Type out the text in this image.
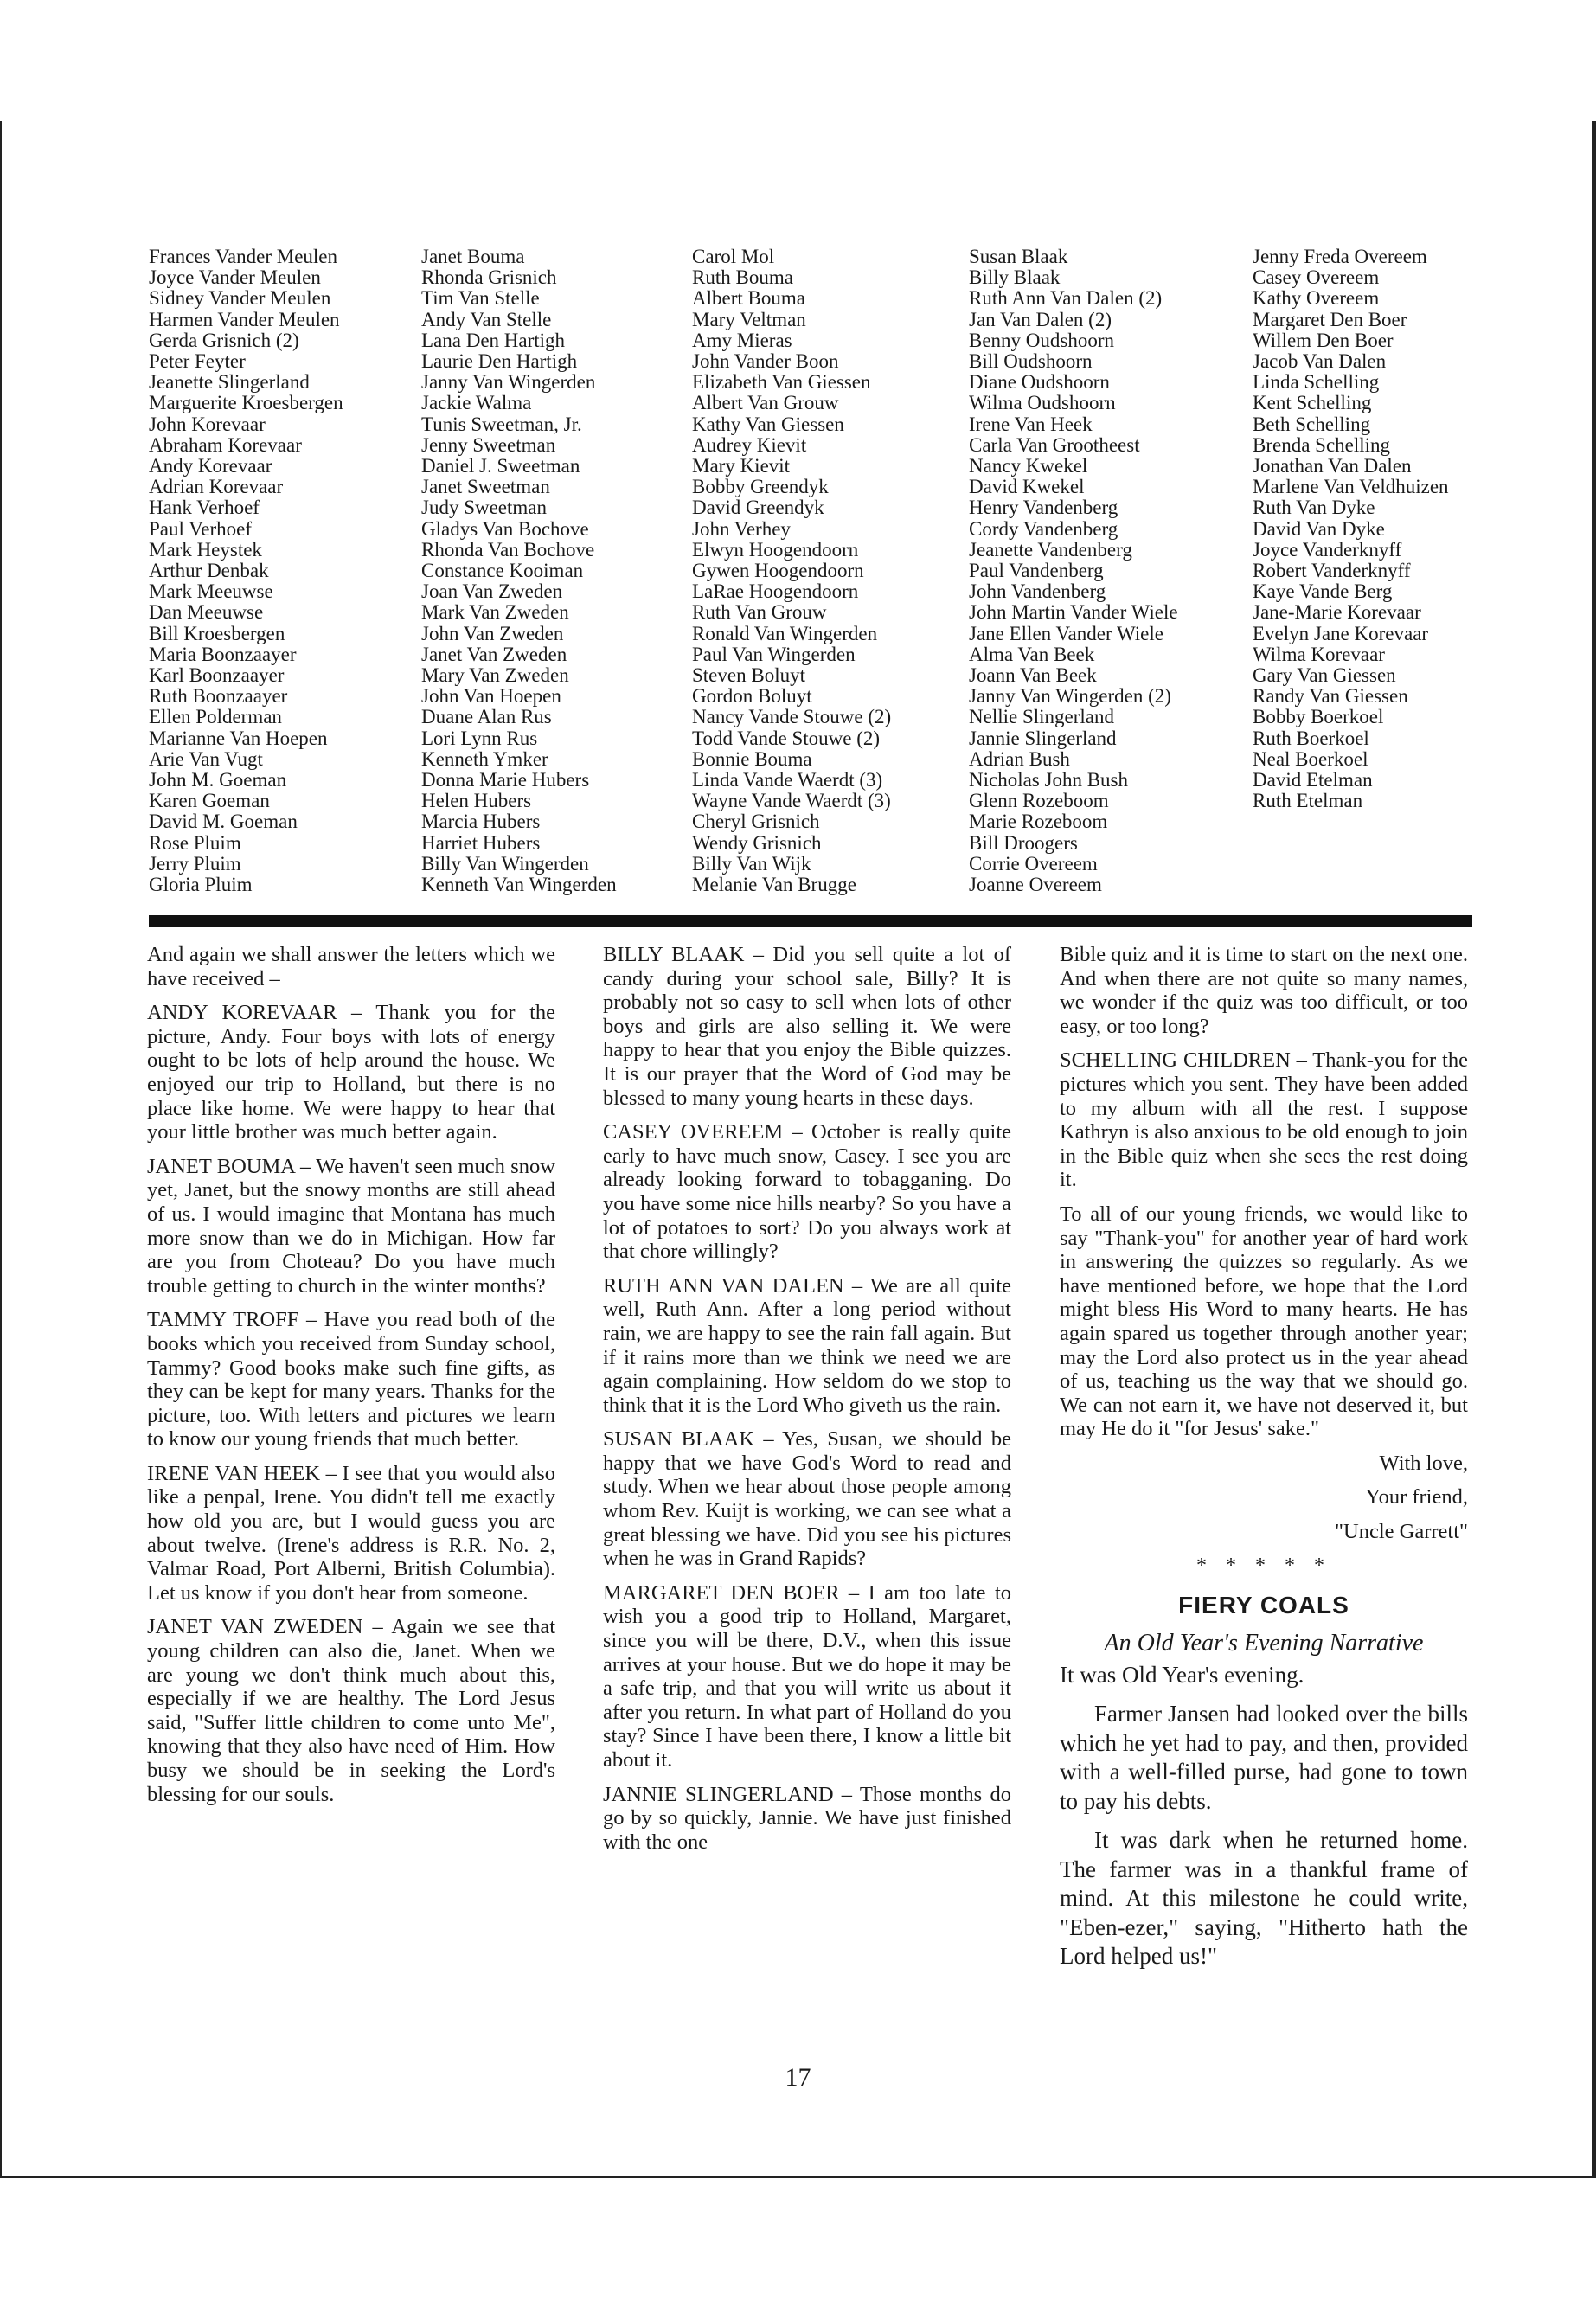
Frances Vander Meulen
Joyce Vander Meulen
Sidney Vander Meulen
Harmen Vander Meulen
Gerda Grisnich (2)
Peter Feyter
Jeanette Slingerland
Marguerite Kroesbergen
John Korevaar
Abraham Korevaar
Andy Korevaar
Adrian Korevaar
Hank Verhoef
Paul Verhoef
Mark Heystek
Arthur Denbak
Mark Meeuwse
Dan Meeuwse
Bill Kroesbergen
Maria Boonzaayer
Karl Boonzaayer
Ruth Boonzaayer
Ellen Polderman
Marianne Van Hoepen
Arie Van Vugt
John M. Goeman
Karen Goeman
David M. Goeman
Rose Pluim
Jerry Pluim
Gloria Pluim
Janet Bouma
Rhonda Grisnich
Tim Van Stelle
Andy Van Stelle
Lana Den Hartigh
Laurie Den Hartigh
Janny Van Wingerden
Jackie Walma
Tunis Sweetman, Jr.
Jenny Sweetman
Daniel J. Sweetman
Janet Sweetman
Judy Sweetman
Gladys Van Bochove
Rhonda Van Bochove
Constance Kooiman
Joan Van Zweden
Mark Van Zweden
John Van Zweden
Janet Van Zweden
Mary Van Zweden
John Van Hoepen
Duane Alan Rus
Lori Lynn Rus
Kenneth Ymker
Donna Marie Hubers
Helen Hubers
Marcia Hubers
Harriet Hubers
Billy Van Wingerden
Kenneth Van Wingerden
Carol Mol
Ruth Bouma
Albert Bouma
Mary Veltman
Amy Mieras
John Vander Boon
Elizabeth Van Giessen
Albert Van Grouw
Kathy Van Giessen
Audrey Kievit
Mary Kievit
Bobby Greendyk
David Greendyk
John Verhey
Elwyn Hoogendoorn
Gywen Hoogendoorn
LaRae Hoogendoorn
Ruth Van Grouw
Ronald Van Wingerden
Paul Van Wingerden
Steven Boluyt
Gordon Boluyt
Nancy Vande Stouwe (2)
Todd Vande Stouwe (2)
Bonnie Bouma
Linda Vande Waerdt (3)
Wayne Vande Waerdt (3)
Cheryl Grisnich
Wendy Grisnich
Billy Van Wijk
Melanie Van Brugge
Susan Blaak
Billy Blaak
Ruth Ann Van Dalen (2)
Jan Van Dalen (2)
Benny Oudshoorn
Bill Oudshoorn
Diane Oudshoorn
Wilma Oudshoorn
Irene Van Heek
Carla Van Grootheest
Nancy Kwekel
David Kwekel
Henry Vandenberg
Cordy Vandenberg
Jeanette Vandenberg
Paul Vandenberg
John Vandenberg
John Martin Vander Wiele
Jane Ellen Vander Wiele
Alma Van Beek
Joann Van Beek
Janny Van Wingerden (2)
Nellie Slingerland
Jannie Slingerland
Adrian Bush
Nicholas John Bush
Glenn Rozeboom
Marie Rozeboom
Bill Droogers
Corrie Overeem
Joanne Overeem
Jenny Freda Overeem
Casey Overeem
Kathy Overeem
Margaret Den Boer
Willem Den Boer
Jacob Van Dalen
Linda Schelling
Kent Schelling
Beth Schelling
Brenda Schelling
Jonathan Van Dalen
Marlene Van Veldhuizen
Ruth Van Dyke
David Van Dyke
Joyce Vanderknyff
Robert Vanderknyff
Kaye Vande Berg
Jane-Marie Korevaar
Evelyn Jane Korevaar
Wilma Korevaar
Gary Van Giessen
Randy Van Giessen
Bobby Boerkoel
Ruth Boerkoel
Neal Boerkoel
David Etelman
Ruth Etelman

And again we shall answer the letters which we have received –

ANDY KOREVAAR – Thank you for the picture, Andy. Four boys with lots of energy ought to be lots of help around the house. We enjoyed our trip to Holland, but there is no place like home. We were happy to hear that your little brother was much better again.

JANET BOUMA – We haven't seen much snow yet, Janet, but the snowy months are still ahead of us. I would imagine that Montana has much more snow than we do in Michigan. How far are you from Choteau? Do you have much trouble getting to church in the winter months?

TAMMY TROFF – Have you read both of the books which you received from Sunday school, Tammy? Good books make such fine gifts, as they can be kept for many years. Thanks for the picture, too. With letters and pictures we learn to know our young friends that much better.

IRENE VAN HEEK – I see that you would also like a penpal, Irene. You didn't tell me exactly how old you are, but I would guess you are about twelve. (Irene's address is R.R. No. 2, Valmar Road, Port Alberni, British Columbia). Let us know if you don't hear from someone.

JANET VAN ZWEDEN – Again we see that young children can also die, Janet. When we are young we don't think much about this, especially if we are healthy. The Lord Jesus said, "Suffer little children to come unto Me", knowing that they also have need of Him. How busy we should be in seeking the Lord's blessing for our souls.

BILLY BLAAK – Did you sell quite a lot of candy during your school sale, Billy? It is probably not so easy to sell when lots of other boys and girls are also selling it. We were happy to hear that you enjoy the Bible quizzes. It is our prayer that the Word of God may be blessed to many young hearts in these days.

CASEY OVEREEM – October is really quite early to have much snow, Casey. I see you are already looking forward to tobagganing. Do you have some nice hills nearby? So you have a lot of potatoes to sort? Do you always work at that chore willingly?

RUTH ANN VAN DALEN – We are all quite well, Ruth Ann. After a long period without rain, we are happy to see the rain fall again. But if it rains more than we think we need we are again complaining. How seldom do we stop to think that it is the Lord Who giveth us the rain.

SUSAN BLAAK – Yes, Susan, we should be happy that we have God's Word to read and study. When we hear about those people among whom Rev. Kuijt is working, we can see what a great blessing we have. Did you see his pictures when he was in Grand Rapids?

MARGARET DEN BOER – I am too late to wish you a good trip to Holland, Margaret, since you will be there, D.V., when this issue arrives at your house. But we do hope it may be a safe trip, and that you will write us about it after you return. In what part of Holland do you stay? Since I have been there, I know a little bit about it.

JANNIE SLINGERLAND – Those months do go by so quickly, Jannie. We have just finished with the one

Bible quiz and it is time to start on the next one. And when there are not quite so many names, we wonder if the quiz was too difficult, or too easy, or too long?

SCHELLING CHILDREN – Thank-you for the pictures which you sent. They have been added to my album with all the rest. I suppose Kathryn is also anxious to be old enough to join in the Bible quiz when she sees the rest doing it.

To all of our young friends, we would like to say "Thank-you" for another year of hard work in answering the quizzes so regularly. As we have mentioned before, we hope that the Lord might bless His Word to many hearts. He has again spared us together through another year; may the Lord also protect us in the year ahead of us, teaching us the way that we should go. We can not earn it, we have not deserved it, but may He do it "for Jesus' sake."

With love,

Your friend,

"Uncle Garrett"

* * * * *
FIERY COALS
An Old Year's Evening Narrative

It was Old Year's evening.

Farmer Jansen had looked over the bills which he yet had to pay, and then, provided with a well-filled purse, had gone to town to pay his debts.

It was dark when he returned home. The farmer was in a thankful frame of mind. At this milestone he could write, "Eben-ezer," saying, "Hitherto hath the Lord helped us!"

17
